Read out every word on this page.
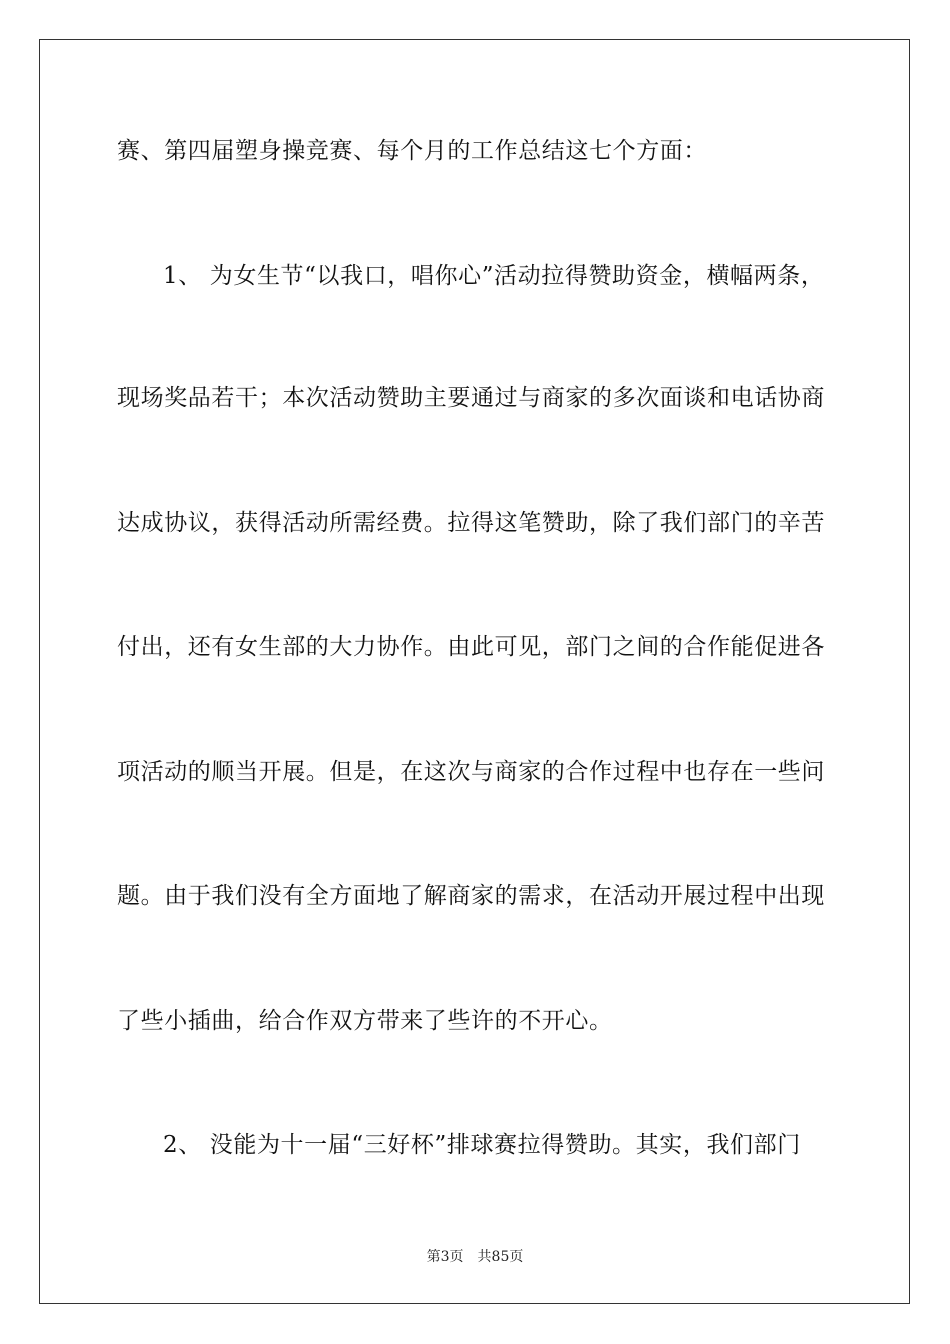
赛、第四届塑身操竞赛、每个月的工作总结这七个方面：
1、 为女生节“以我口，唱你心”活动拉得赞助资金，横幅两条，
现场奖品若干；本次活动赞助主要通过与商家的多次面谈和电话协商
达成协议，获得活动所需经费。拉得这笔赞助，除了我们部门的辛苦
付出，还有女生部的大力协作。由此可见，部门之间的合作能促进各
项活动的顺当开展。但是，在这次与商家的合作过程中也存在一些问
题。由于我们没有全方面地了解商家的需求，在活动开展过程中出现
了些小插曲，给合作双方带来了些许的不开心。
2、 没能为十一届“三好杯”排球赛拉得赞助。其实，我们部门
第3页　共85页
